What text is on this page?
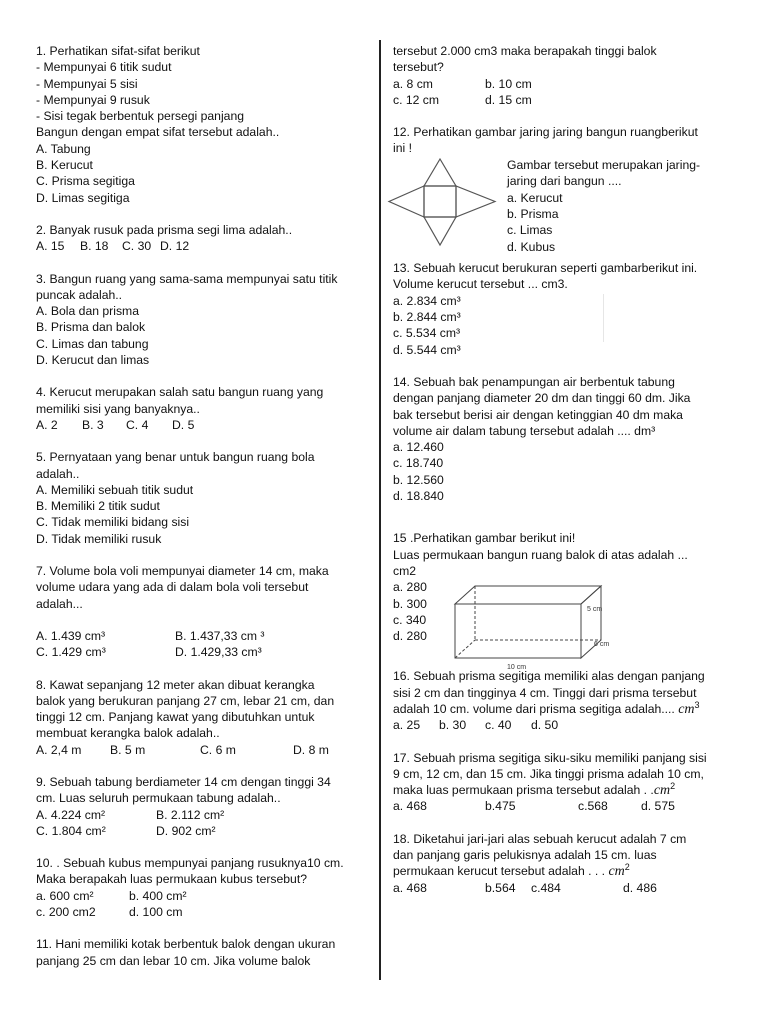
1. Perhatikan sifat-sifat berikut
- Mempunyai 6 titik sudut
- Mempunyai 5 sisi
- Mempunyai 9 rusuk
- Sisi tegak berbentuk persegi panjang
Bangun dengan empat sifat tersebut adalah..
A. Tabung
B. Kerucut
C. Prisma segitiga
D. Limas segitiga
2. Banyak rusuk pada prisma segi lima adalah..
A. 15	B. 18	C. 30 D. 12
3. Bangun ruang yang sama-sama mempunyai satu titik
puncak adalah..
A. Bola dan prisma
B. Prisma dan balok
C. Limas dan tabung
D. Kerucut dan limas
4. Kerucut merupakan salah satu bangun ruang yang
memiliki sisi yang banyaknya..
A. 2	B. 3	C. 4	D. 5
5. Pernyataan yang benar untuk bangun ruang bola
adalah..
A. Memiliki sebuah titik sudut
B. Memiliki 2 titik sudut
C. Tidak memiliki bidang sisi
D. Tidak memiliki rusuk
7. Volume bola voli mempunyai diameter 14 cm, maka
volume udara yang ada di dalam bola voli tersebut
adalah...
A. 1.439 cm³	B. 1.437,33 cm ³
C. 1.429 cm³	D. 1.429,33 cm³
8. Kawat sepanjang 12 meter akan dibuat kerangka
balok yang berukuran panjang 27 cm, lebar 21 cm, dan
tinggi 12 cm. Panjang kawat yang dibutuhkan untuk
membuat kerangka balok adalah..
A. 2,4 m	B. 5 m	C. 6 m	D. 8 m
9. Sebuah tabung berdiameter 14 cm dengan tinggi 34
cm. Luas seluruh permukaan tabung adalah..
A. 4.224 cm²	B. 2.112 cm²
C. 1.804 cm²	D. 902 cm²
10. . Sebuah kubus mempunyai panjang rusuknya10 cm.
Maka berapakah luas permukaan kubus tersebut?
a. 600 cm²	b. 400 cm²
c. 200 cm2	d. 100 cm
11. Hani memiliki kotak berbentuk balok dengan ukuran
panjang 25 cm dan lebar 10 cm. Jika volume balok
tersebut 2.000 cm3 maka berapakah tinggi balok
tersebut?
a. 8 cm	b. 10 cm
c. 12 cm	d. 15 cm
12. Perhatikan gambar jaring jaring bangun ruangberikut
ini !
Gambar tersebut merupakan jaring-
jaring dari bangun ....
a. Kerucut
b. Prisma
c. Limas
d. Kubus
13. Sebuah kerucut berukuran seperti gambarberikut ini.
Volume kerucut tersebut ... cm3.
a. 2.834 cm³
b. 2.844 cm³
c. 5.534 cm³
d. 5.544 cm³
14. Sebuah bak penampungan air berbentuk tabung
dengan panjang diameter 20 dm dan tinggi 60 dm. Jika
bak tersebut berisi air dengan ketinggian 40 dm maka
volume air dalam tabung tersebut adalah .... dm³
a. 12.460
c. 18.740
b. 12.560
d. 18.840
15 .Perhatikan gambar berikut ini!
Luas permukaan bangun ruang balok di atas adalah ...
cm2
a. 280
b. 300
c. 340
d. 280
5 cm
6 cm
10 cm
16. Sebuah prisma segitiga memiliki alas dengan panjang
sisi 2 cm dan tingginya 4 cm. Tinggi dari prisma tersebut
adalah 10 cm. volume dari prisma segitiga adalah.... $cm^3$
a. 25	b. 30	c. 40	d. 50
17. Sebuah prisma segitiga siku-siku memiliki panjang sisi
9 cm, 12 cm, dan 15 cm. Jika tinggi prisma adalah 10 cm,
maka luas permukaan prisma tersebut adalah . $.cm^2$
a. 468	b.475	c.568	d. 575
18. Diketahui jari-jari alas sebuah kerucut adalah 7 cm
dan panjang garis pelukisnya adalah 15 cm. luas
permukaan kerucut tersebut adalah . . . $cm^2$
a. 468	b.564	c.484	d. 486
